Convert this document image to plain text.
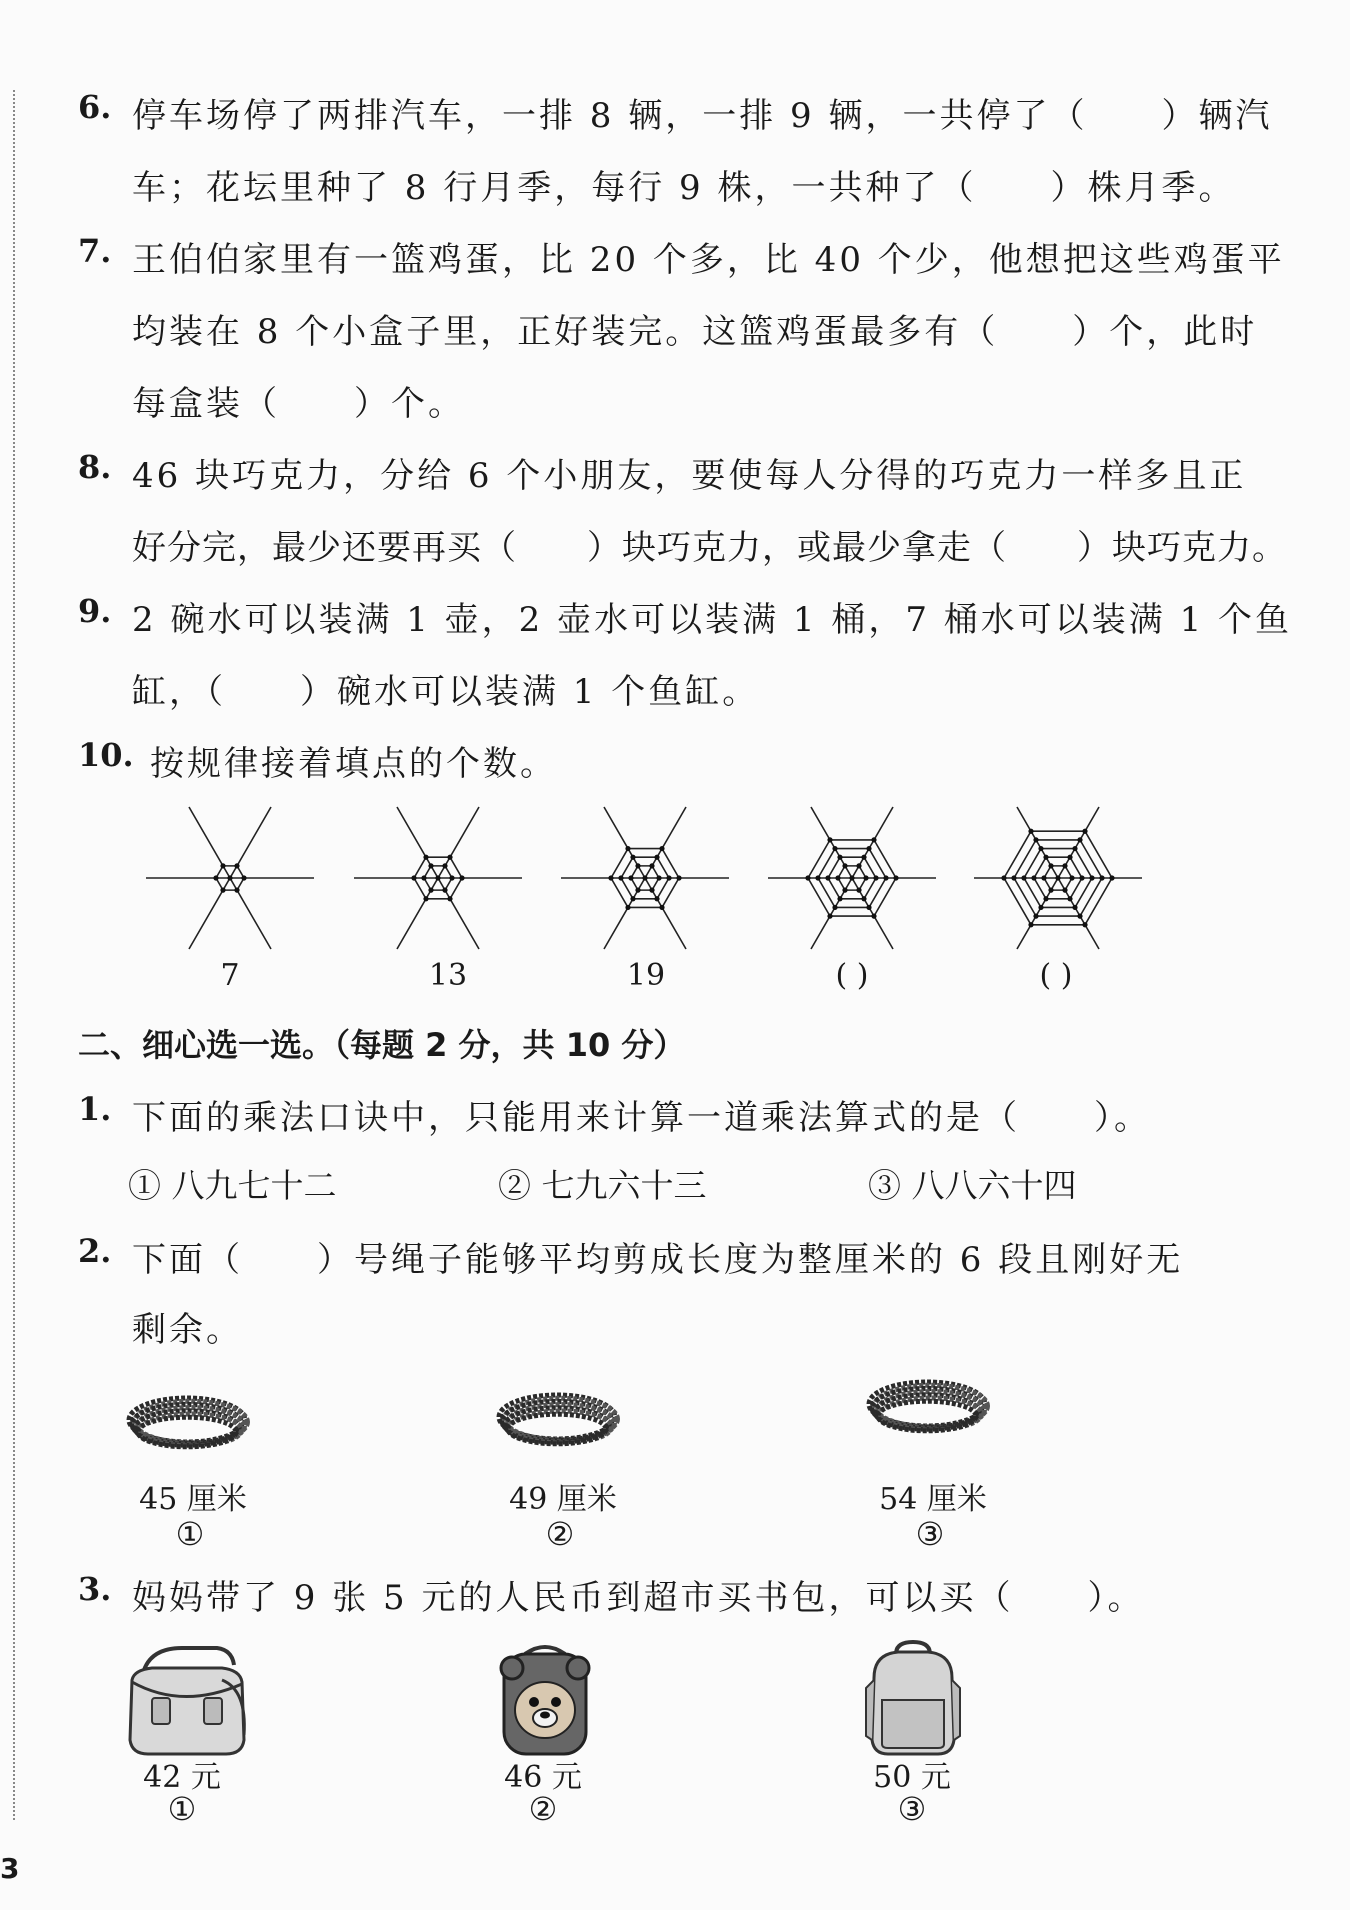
6. 停车场停了两排汽车，一排 8 辆，一排 9 辆，一共停了（　　）辆汽
车；花坛里种了 8 行月季，每行 9 株，一共种了（　　）株月季。
7. 王伯伯家里有一篮鸡蛋，比 20 个多，比 40 个少，他想把这些鸡蛋平
均装在 8 个小盒子里，正好装完。这篮鸡蛋最多有（　　）个，此时
每盒装（　　）个。
8. 46 块巧克力，分给 6 个小朋友，要使每人分得的巧克力一样多且正
好分完，最少还要再买（　　）块巧克力，或最少拿走（　　）块巧克力。
9. 2 碗水可以装满 1 壶，2 壶水可以装满 1 桶，7 桶水可以装满 1 个鱼
缸，（　　）碗水可以装满 1 个鱼缸。
10. 按规律接着填点的个数。
7	13	19	( )	( )
二、细心选一选。（每题 2 分，共 10 分）
1. 下面的乘法口诀中，只能用来计算一道乘法算式的是（　　）。
① 八九七十二	② 七九六十三	③ 八八六十四
2. 下面（　　）号绳子能够平均剪成长度为整厘米的 6 段且刚好无
剩余。
45 厘米
①
49 厘米
②
54 厘米
③
3. 妈妈带了 9 张 5 元的人民币到超市买书包，可以买（　　）。
42 元
①
46 元
②
50 元
③
3
